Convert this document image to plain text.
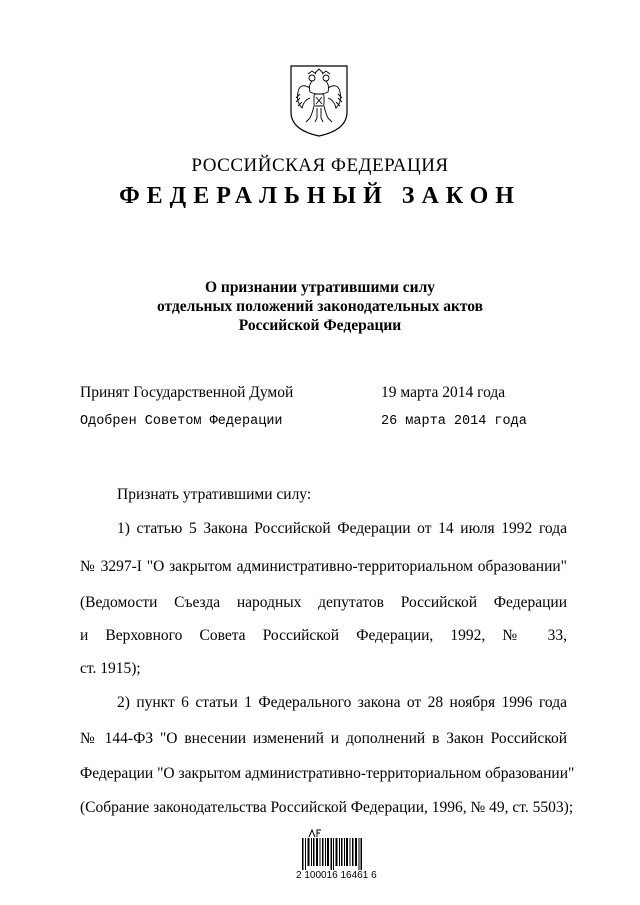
РОССИЙСКАЯ ФЕДЕРАЦИЯ
ФЕДЕРАЛЬНЫЙ ЗАКОН
О признании утратившими силу
отдельных положений законодательных актов
Российской Федерации
Принят Государственной Думой	19 марта 2014 года
Одобрен Советом Федерации	26 марта 2014 года
Признать утратившими силу:
1) статью 5 Закона Российской Федерации от 14 июля 1992 года
№ 3297-I "О закрытом административно-территориальном образовании"
(Ведомости Съезда народных депутатов Российской Федерации
и Верховного Совета Российской Федерации, 1992, № 33,
ст. 1915);
2) пункт 6 статьи 1 Федерального закона от 28 ноября 1996 года
№ 144-ФЗ "О внесении изменений и дополнений в Закон Российской
Федерации "О закрытом административно-территориальном образовании"
(Собрание законодательства Российской Федерации, 1996, № 49, ст. 5503);
2 100016 16461 6
